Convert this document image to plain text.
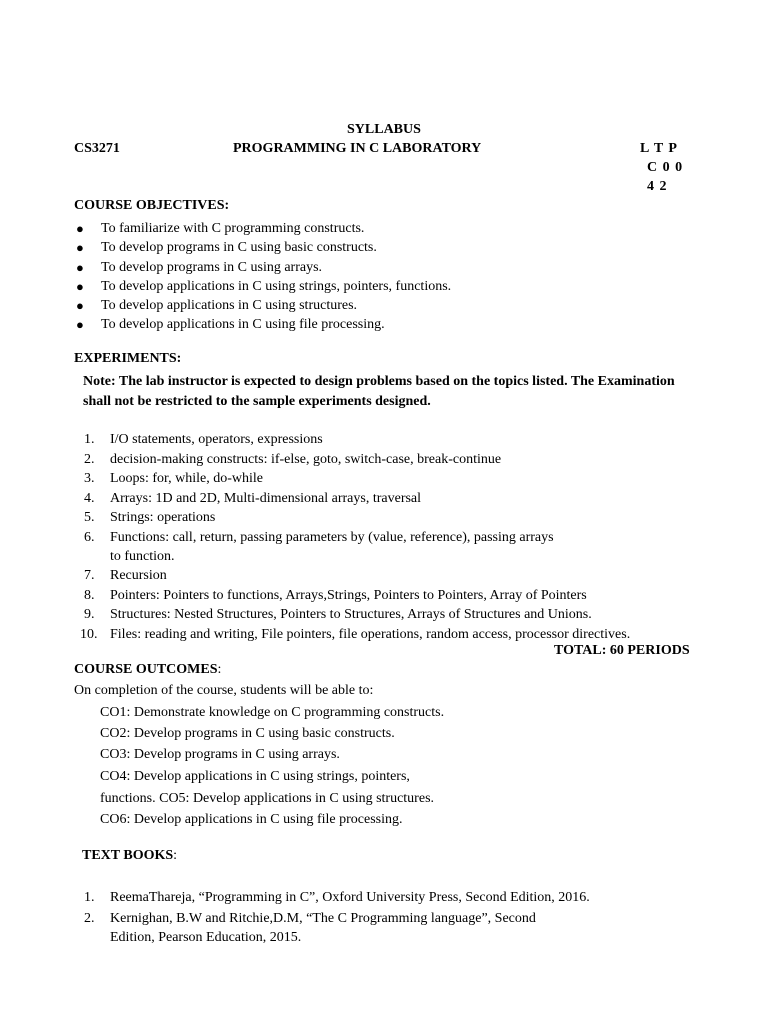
SYLLABUS
CS3271	PROGRAMMING IN C LABORATORY	L T P
C 0 0
4 2
COURSE OBJECTIVES:
● To familiarize with C programming constructs.
● To develop programs in C using basic constructs.
● To develop programs in C using arrays.
● To develop applications in C using strings, pointers, functions.
● To develop applications in C using structures.
● To develop applications in C using file processing.
EXPERIMENTS:
Note: The lab instructor is expected to design problems based on the topics listed. The Examination shall not be restricted to the sample experiments designed.
1. I/O statements, operators, expressions
2. decision-making constructs: if-else, goto, switch-case, break-continue
3. Loops: for, while, do-while
4. Arrays: 1D and 2D, Multi-dimensional arrays, traversal
5. Strings: operations
6. Functions: call, return, passing parameters by (value, reference), passing arrays
to function.
7. Recursion
8. Pointers: Pointers to functions, Arrays,Strings, Pointers to Pointers, Array of Pointers
9. Structures: Nested Structures, Pointers to Structures, Arrays of Structures and Unions.
10. Files: reading and writing, File pointers, file operations, random access, processor directives.
TOTAL: 60 PERIODS
COURSE OUTCOMES:
On completion of the course, students will be able to:
CO1: Demonstrate knowledge on C programming constructs.
CO2: Develop programs in C using basic constructs.
CO3: Develop programs in C using arrays.
CO4: Develop applications in C using strings, pointers,
functions. CO5: Develop applications in C using structures.
CO6: Develop applications in C using file processing.
TEXT BOOKS:
1. ReemaThareja, “Programming in C”, Oxford University Press, Second Edition, 2016.
2. Kernighan, B.W and Ritchie,D.M, “The C Programming language”, Second
Edition, Pearson Education, 2015.
